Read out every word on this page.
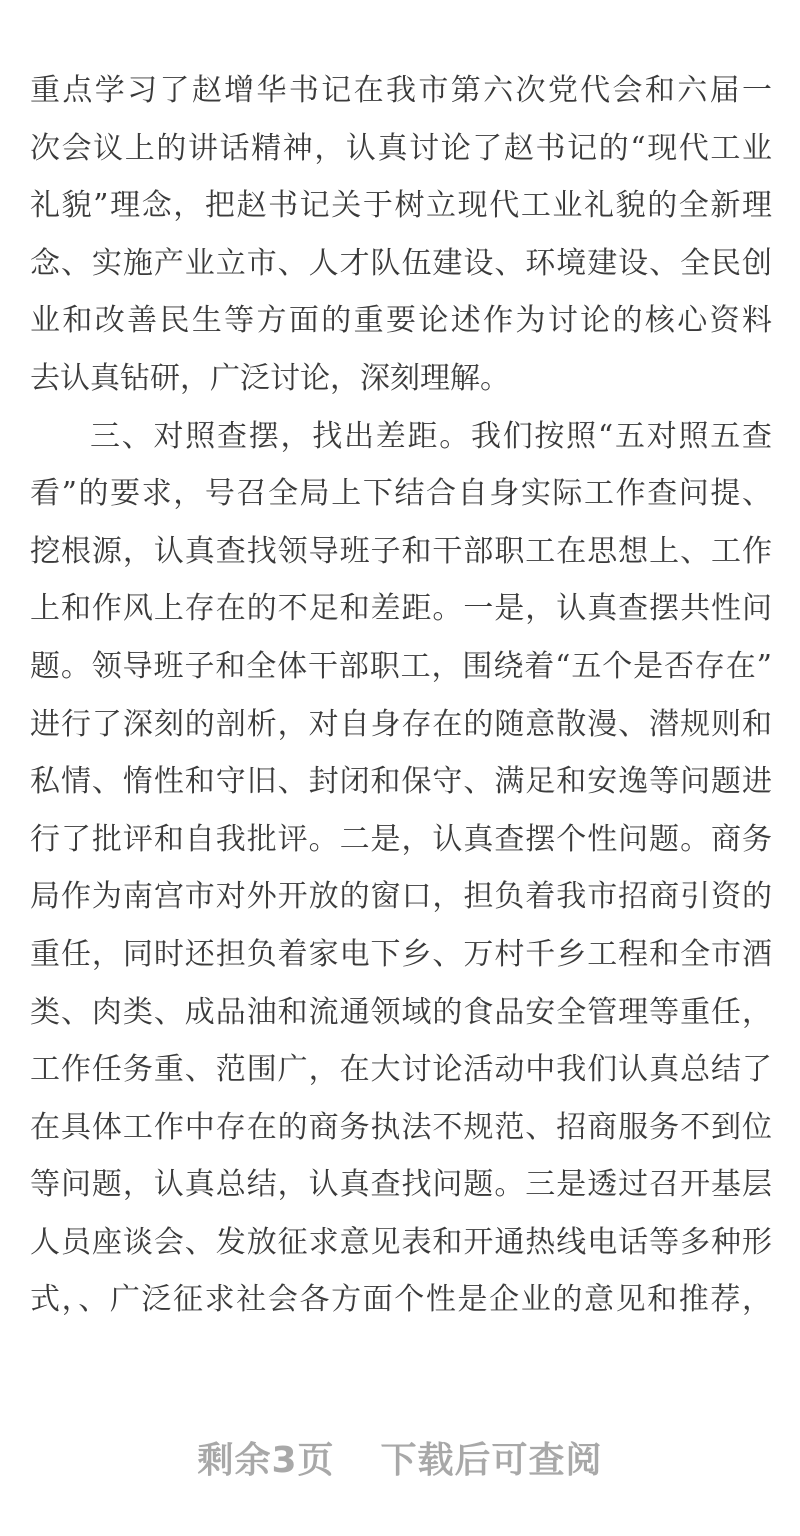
重点学习了赵增华书记在我市第六次党代会和六届一
次会议上的讲话精神，认真讨论了赵书记的“现代工业
礼貌”理念，把赵书记关于树立现代工业礼貌的全新理
念、实施产业立市、人才队伍建设、环境建设、全民创
业和改善民生等方面的重要论述作为讨论的核心资料
去认真钻研，广泛讨论，深刻理解。
三、对照查摆，找出差距。我们按照“五对照五查
看”的要求，号召全局上下结合自身实际工作查问提、
挖根源，认真查找领导班子和干部职工在思想上、工作
上和作风上存在的不足和差距。一是，认真查摆共性问
题。领导班子和全体干部职工，围绕着“五个是否存在”
进行了深刻的剖析，对自身存在的随意散漫、潜规则和
私情、惰性和守旧、封闭和保守、满足和安逸等问题进
行了批评和自我批评。二是，认真查摆个性问题。商务
局作为南宫市对外开放的窗口，担负着我市招商引资的
重任，同时还担负着家电下乡、万村千乡工程和全市酒
类、肉类、成品油和流通领域的食品安全管理等重任，
工作任务重、范围广，在大讨论活动中我们认真总结了
在具体工作中存在的商务执法不规范、招商服务不到位
等问题，认真总结，认真查找问题。三是透过召开基层
人员座谈会、发放征求意见表和开通热线电话等多种形
式，、广泛征求社会各方面个性是企业的意见和推荐，
剩余3页 下载后可查阅
